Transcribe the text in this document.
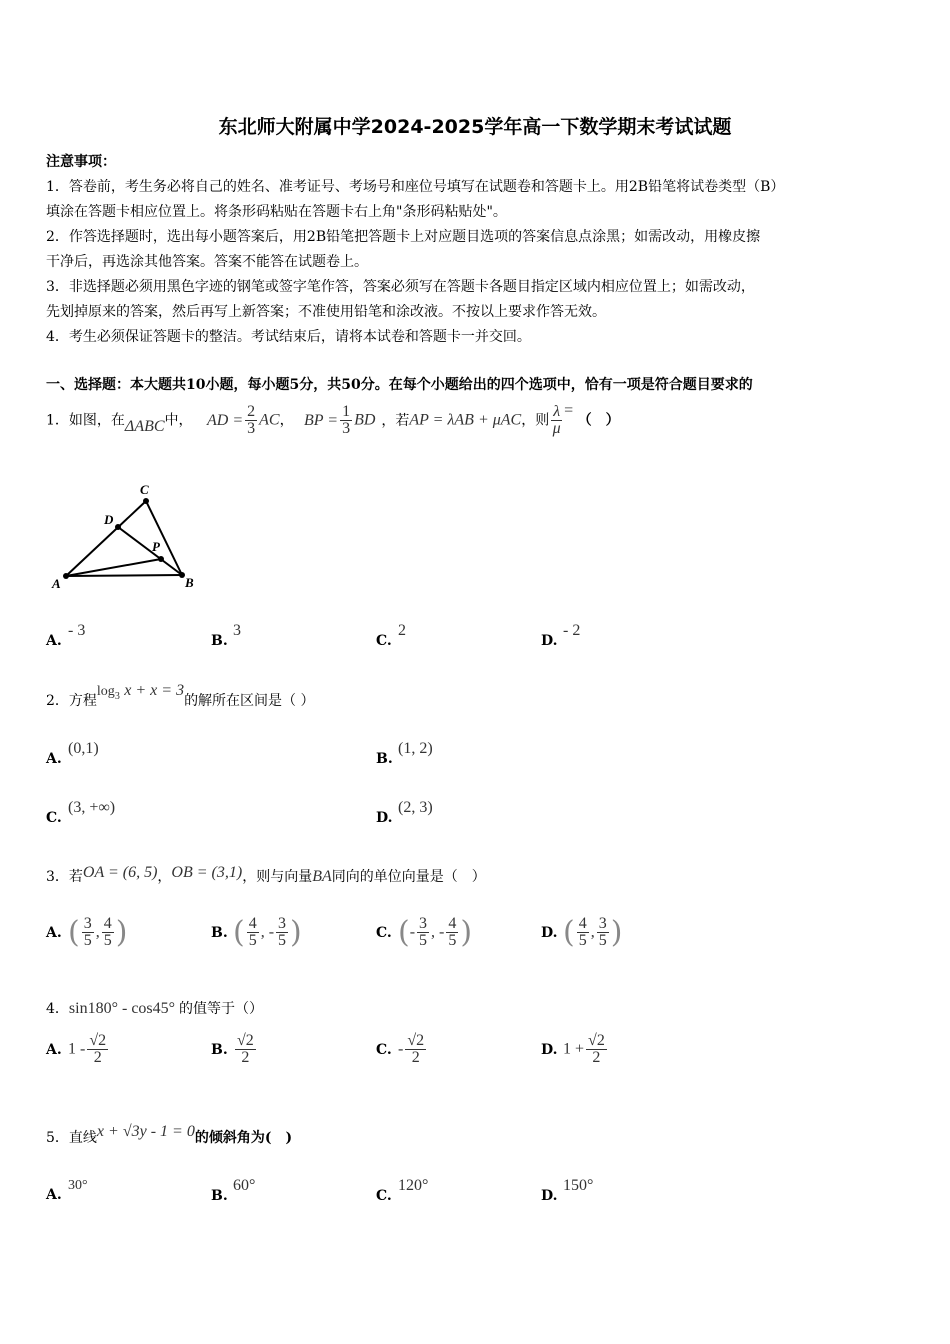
东北师大附属中学2024-2025学年高一下数学期末考试试题
注意事项：
1．答卷前，考生务必将自己的姓名、准考证号、考场号和座位号填写在试题卷和答题卡上。用2B铅笔将试卷类型（B）
填涂在答题卡相应位置上。将条形码粘贴在答题卡右上角"条形码粘贴处"。
2．作答选择题时，选出每小题答案后，用2B铅笔把答题卡上对应题目选项的答案信息点涂黑；如需改动，用橡皮擦
干净后，再选涂其他答案。答案不能答在试题卷上。
3．非选择题必须用黑色字迹的钢笔或签字笔作答，答案必须写在答题卡各题目指定区域内相应位置上；如需改动，
先划掉原来的答案，然后再写上新答案；不准使用铅笔和涂改液。不按以上要求作答无效。
4．考生必须保证答题卡的整洁。考试结束后，请将本试卷和答题卡一并交回。
一、选择题：本大题共10小题，每小题5分，共50分。在每个小题给出的四个选项中，恰有一项是符合题目要求的
1．如图，在ΔABC中， AD = $\frac{2}{3}$ AC， BP = $\frac{1}{3}$ BD ，若AP = λAB + μAC，则 $\frac{\lambda}{\mu}$ = （　）
A	B
C
D
P
A.- 3
B.3
C.2
D.- 2
2．方程$\log_3 x + x = 3$的解所在区间是（ ）
A.(0,1)
B.(1, 2)
C.(3, +∞)
D.(2, 3)
3．若OA = (6, 5)，OB = (3,1)，则与向量BA同向的单位向量是（　）
A. ( $\frac{3}{5}$ , $\frac{4}{5}$ )	B. ( $\frac{4}{5}$ , - $\frac{3}{5}$ )	C. (- $\frac{3}{5}$ , - $\frac{4}{5}$ )	D. ( $\frac{4}{5}$ , $\frac{3}{5}$ )
4．sin180° - cos45° 的值等于（）
A. $1 - \frac{√2}{2}$	B. $\frac{√2}{2}$	C. - $\frac{√2}{2}$	D. $1 + \frac{√2}{2}$
5．直线x + √3y - 1 = 0的倾斜角为(　)
A.30°
B.60°
C.120°
D.150°
